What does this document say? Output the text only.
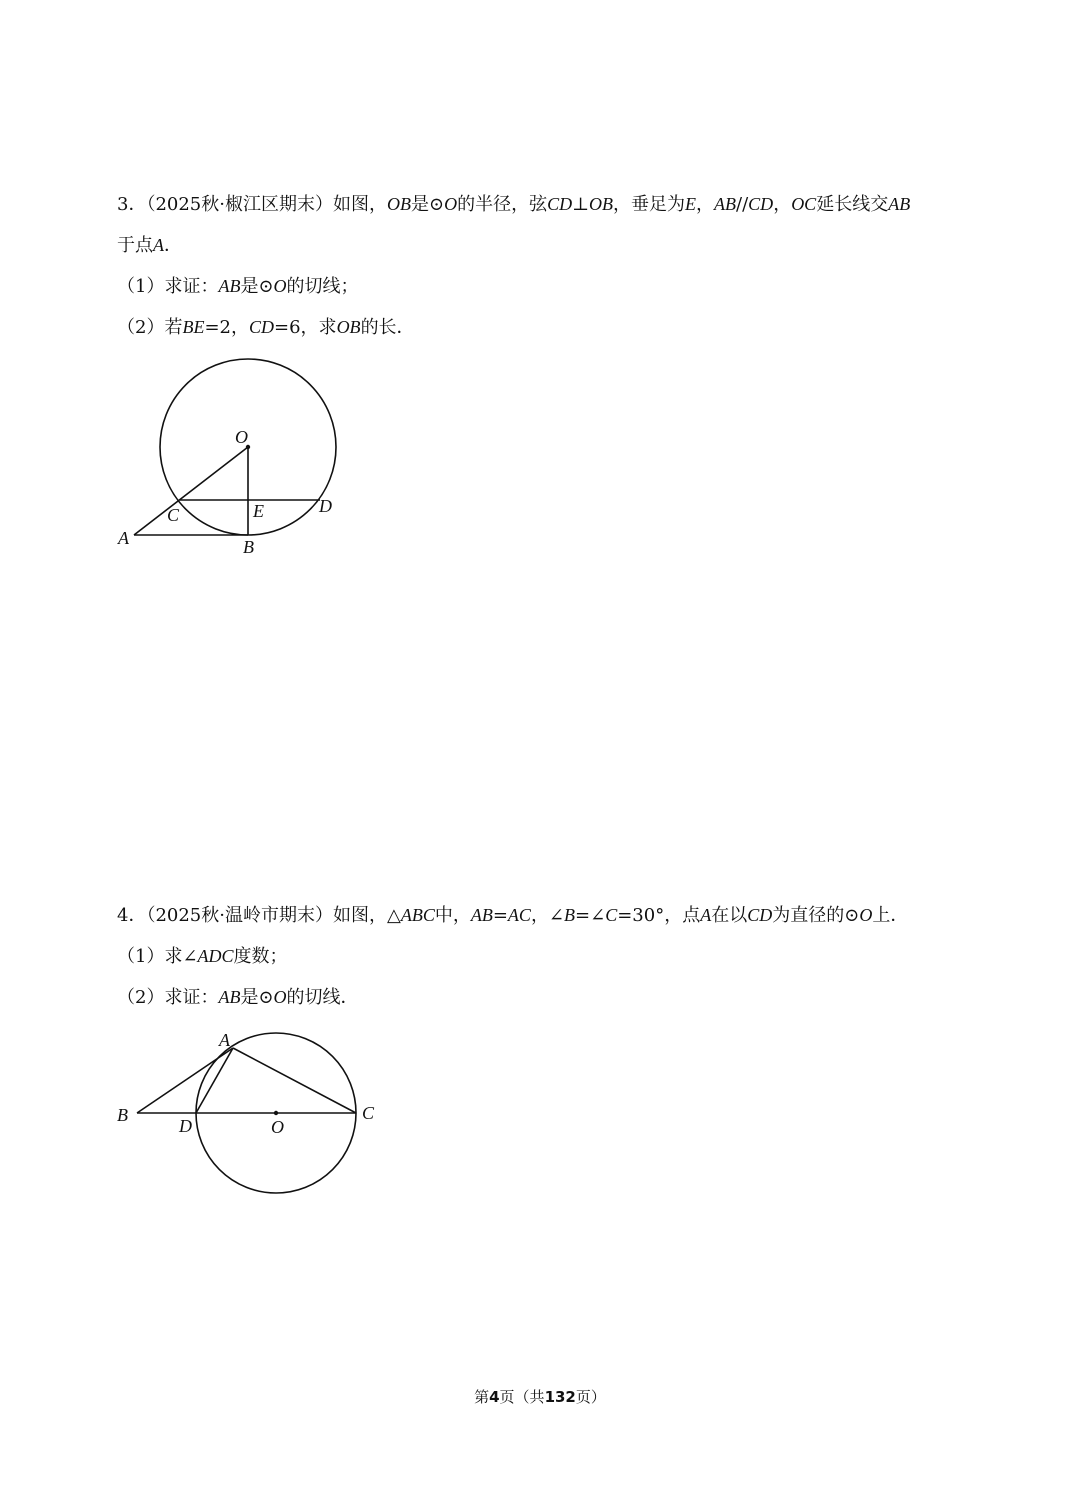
3．（2025秋·椒江区期末）如图，OB是⊙O的半径，弦CD⊥OB，垂足为E，AB//CD，OC延长线交AB
于点A．
（1）求证：AB是⊙O的切线；
（2）若BE=2，CD=6，求OB的长．
O
C	E	D
A	B
A
B
D	O
C
4．（2025秋·温岭市期末）如图，△ABC中，AB=AC，∠B=∠C=30°，点A在以CD为直径的⊙O上．
（1）求∠ADC度数；
（2）求证：AB是⊙O的切线．
第4页（共132页）
